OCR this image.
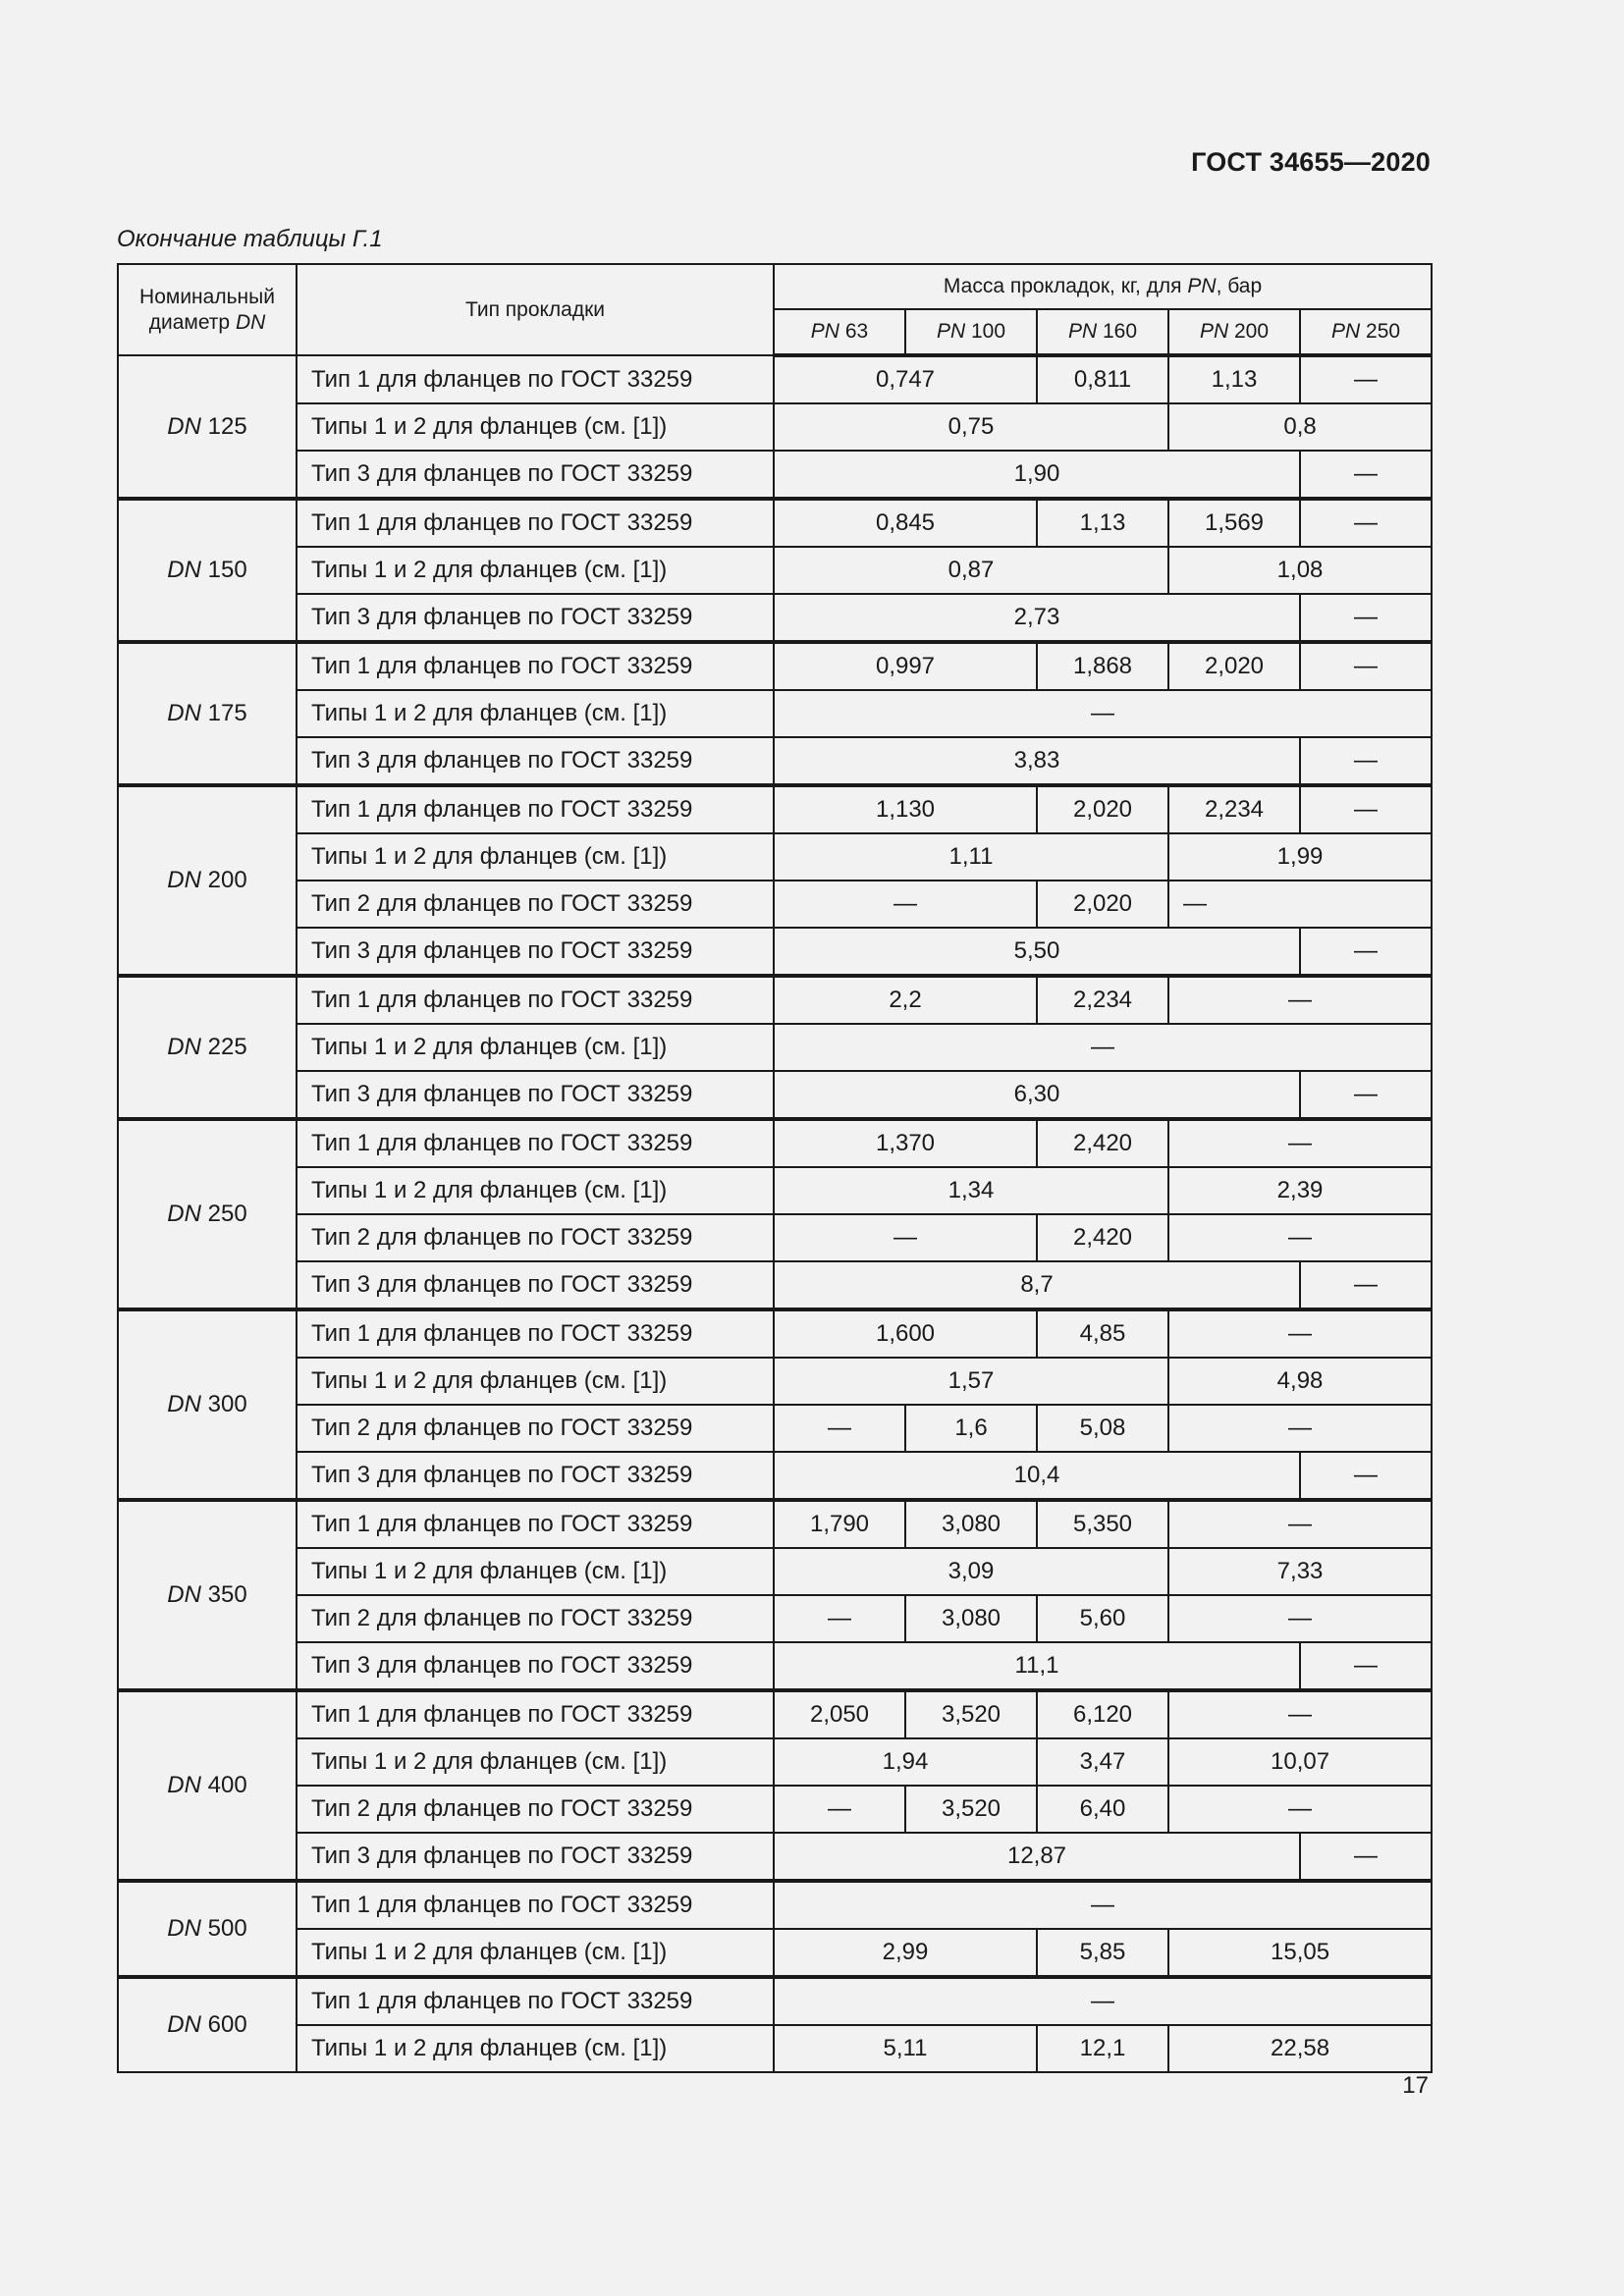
ГОСТ 34655—2020
Окончание таблицы Г.1
Номинальный
диаметр DN	Тип прокладки	Масса прокладок, кг, для PN, бар				
		PN 63	PN 100	PN 160	PN 200	PN 250
DN 125	Тип 1 для фланцев по ГОСТ 33259	0,747		0,811	1,13	—
	Типы 1 и 2 для фланцев (см. [1])	0,75			0,8	
	Тип 3 для фланцев по ГОСТ 33259	1,90				—
DN 150	Тип 1 для фланцев по ГОСТ 33259	0,845		1,13	1,569	—
	Типы 1 и 2 для фланцев (см. [1])	0,87			1,08	
	Тип 3 для фланцев по ГОСТ 33259	2,73				—
DN 175	Тип 1 для фланцев по ГОСТ 33259	0,997		1,868	2,020	—
	Типы 1 и 2 для фланцев (см. [1])	—				
	Тип 3 для фланцев по ГОСТ 33259	3,83				—
DN 200	Тип 1 для фланцев по ГОСТ 33259	1,130		2,020	2,234	—
	Типы 1 и 2 для фланцев (см. [1])	1,11			1,99	
	Тип 2 для фланцев по ГОСТ 33259	—		2,020	—	
	Тип 3 для фланцев по ГОСТ 33259	5,50				—
DN 225	Тип 1 для фланцев по ГОСТ 33259	2,2		2,234	—	
	Типы 1 и 2 для фланцев (см. [1])	—				
	Тип 3 для фланцев по ГОСТ 33259	6,30				—
DN 250	Тип 1 для фланцев по ГОСТ 33259	1,370		2,420	—	
	Типы 1 и 2 для фланцев (см. [1])	1,34			2,39	
	Тип 2 для фланцев по ГОСТ 33259	—		2,420	—	
	Тип 3 для фланцев по ГОСТ 33259	8,7				—
DN 300	Тип 1 для фланцев по ГОСТ 33259	1,600		4,85	—	
	Типы 1 и 2 для фланцев (см. [1])	1,57			4,98	
	Тип 2 для фланцев по ГОСТ 33259	—	1,6	5,08	—	
	Тип 3 для фланцев по ГОСТ 33259	10,4				—
DN 350	Тип 1 для фланцев по ГОСТ 33259	1,790	3,080	5,350	—	
	Типы 1 и 2 для фланцев (см. [1])	3,09			7,33	
	Тип 2 для фланцев по ГОСТ 33259	—	3,080	5,60	—	
	Тип 3 для фланцев по ГОСТ 33259	11,1				—
DN 400	Тип 1 для фланцев по ГОСТ 33259	2,050	3,520	6,120	—	
	Типы 1 и 2 для фланцев (см. [1])	1,94		3,47	10,07	
	Тип 2 для фланцев по ГОСТ 33259	—	3,520	6,40	—	
	Тип 3 для фланцев по ГОСТ 33259	12,87				—
DN 500	Тип 1 для фланцев по ГОСТ 33259	—				
	Типы 1 и 2 для фланцев (см. [1])	2,99		5,85	15,05	
DN 600	Тип 1 для фланцев по ГОСТ 33259	—				
	Типы 1 и 2 для фланцев (см. [1])	5,11		12,1	22,58	
17
